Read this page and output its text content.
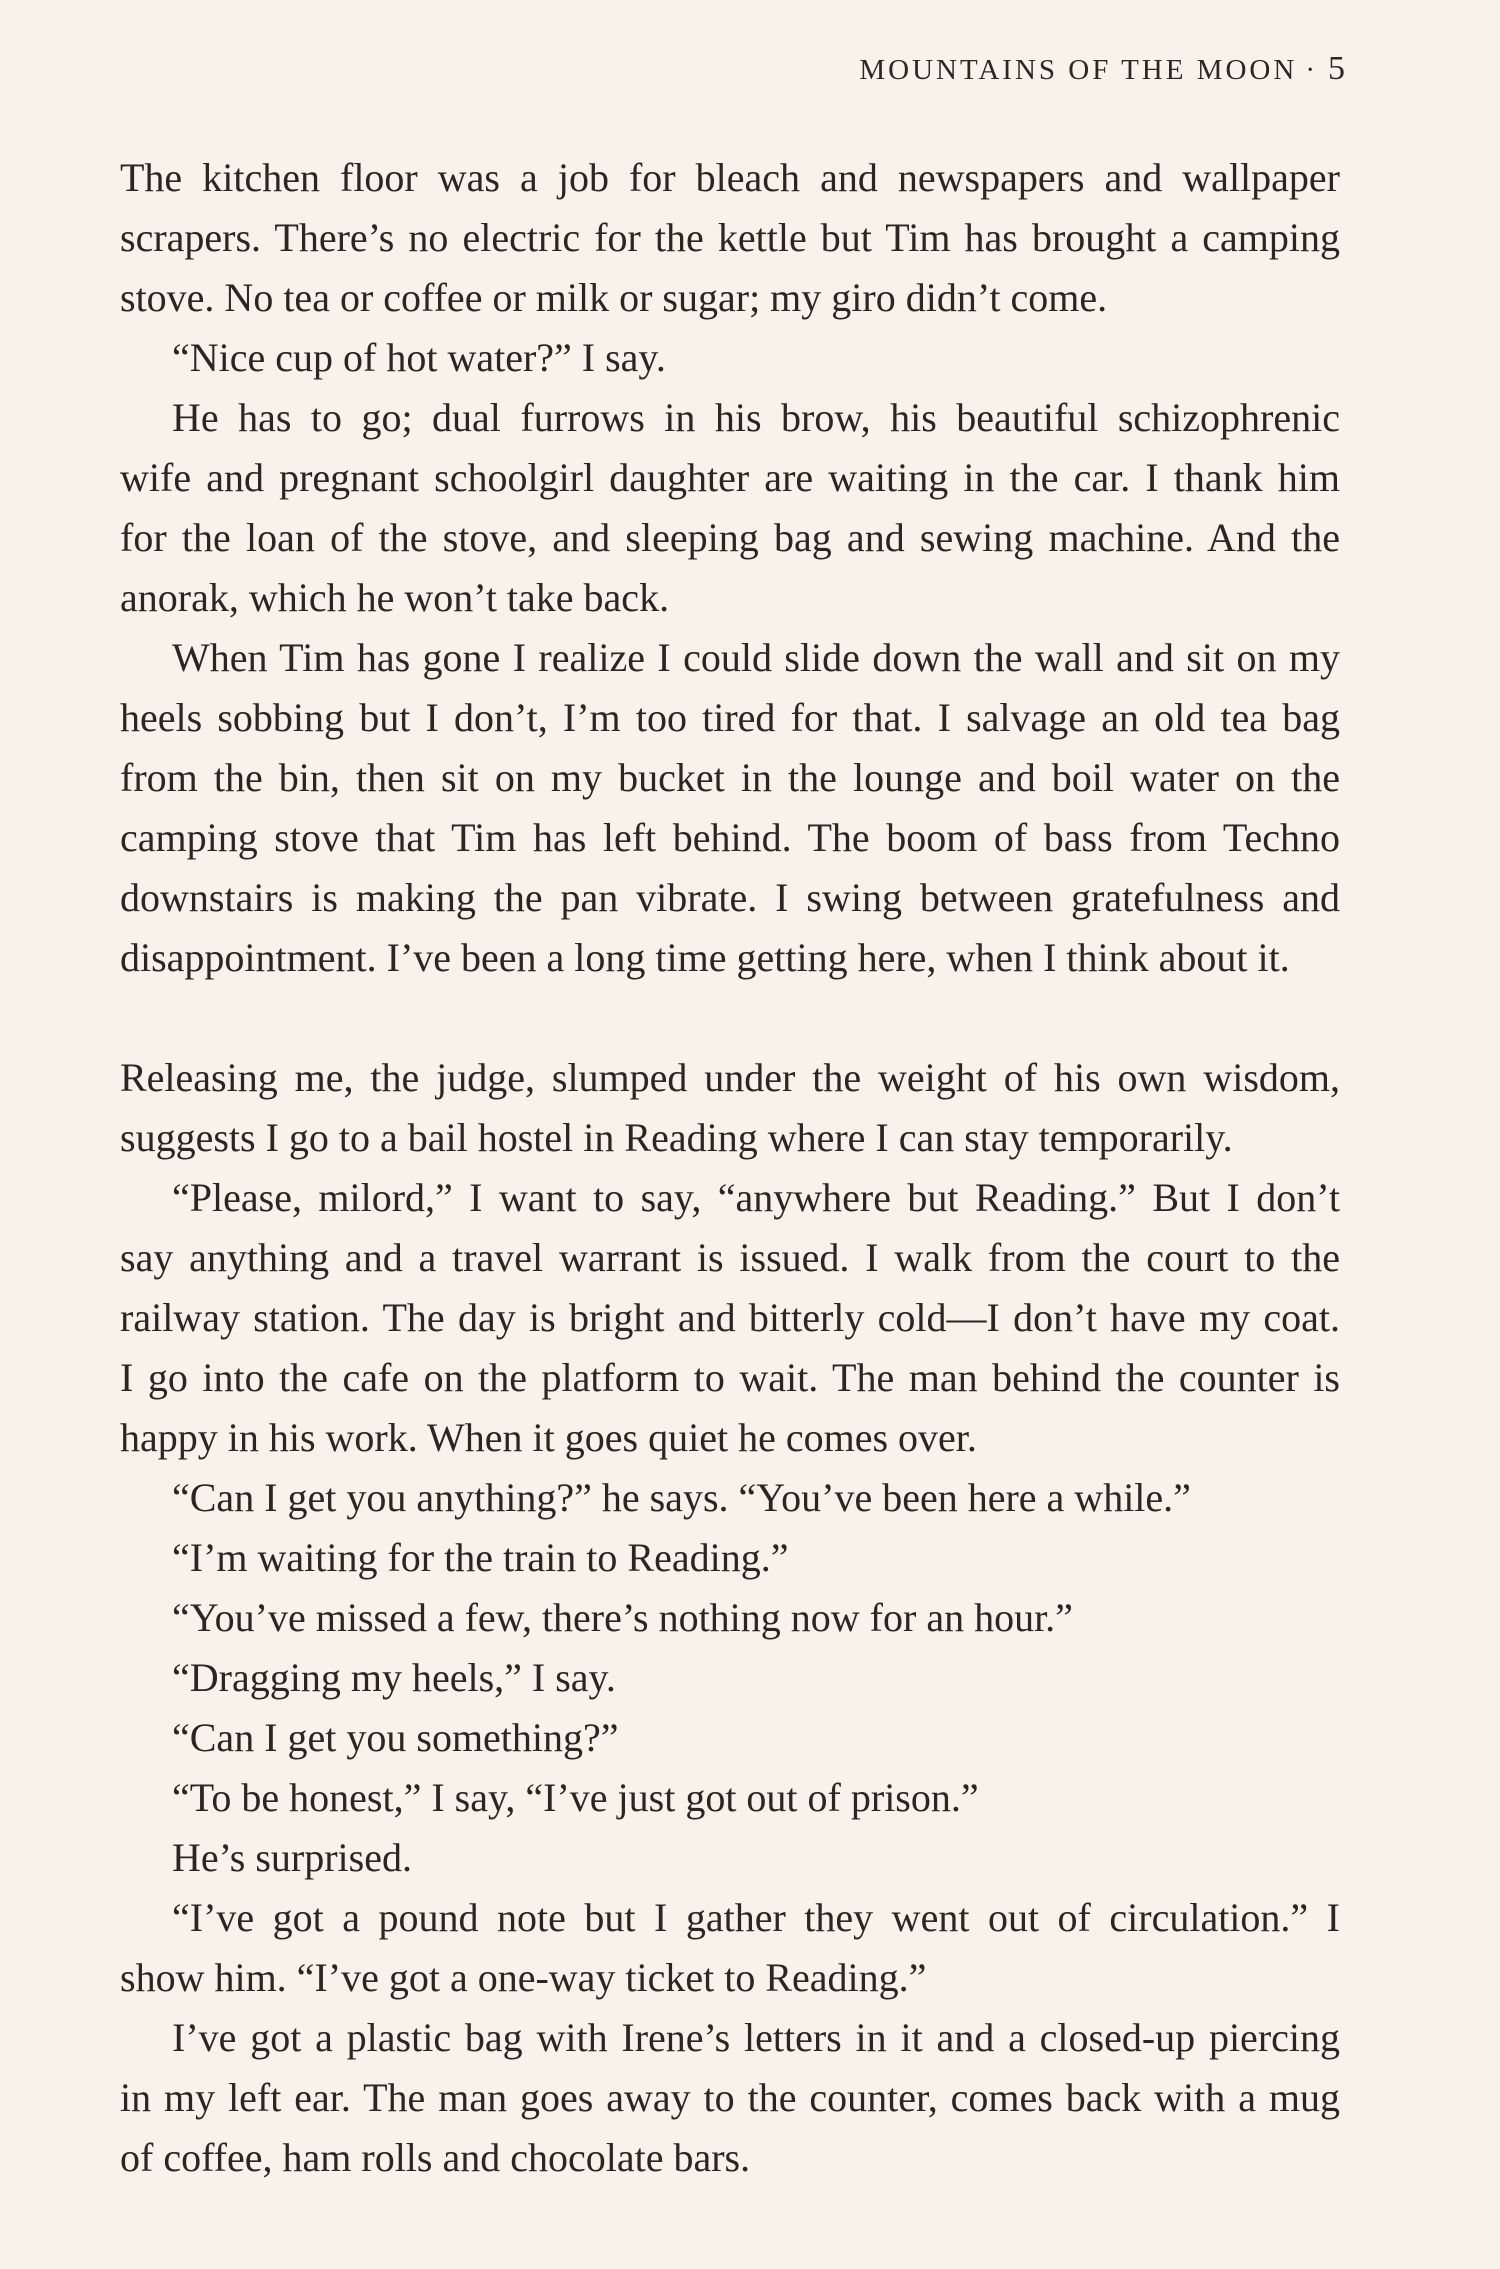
MOUNTAINS OF THE MOON · 5
The kitchen floor was a job for bleach and newspapers and wallpaper
scrapers. There’s no electric for the kettle but Tim has brought a camping
stove. No tea or coffee or milk or sugar; my giro didn’t come.
“Nice cup of hot water?” I say.
He has to go; dual furrows in his brow, his beautiful schizophrenic
wife and pregnant schoolgirl daughter are waiting in the car. I thank him
for the loan of the stove, and sleeping bag and sewing machine. And the
anorak, which he won’t take back.
When Tim has gone I realize I could slide down the wall and sit on my
heels sobbing but I don’t, I’m too tired for that. I salvage an old tea bag
from the bin, then sit on my bucket in the lounge and boil water on the
camping stove that Tim has left behind. The boom of bass from Techno
downstairs is making the pan vibrate. I swing between gratefulness and
disappointment. I’ve been a long time getting here, when I think about it.
Releasing me, the judge, slumped under the weight of his own wisdom,
suggests I go to a bail hostel in Reading where I can stay temporarily.
“Please, milord,” I want to say, “anywhere but Reading.” But I don’t
say anything and a travel warrant is issued. I walk from the court to the
railway station. The day is bright and bitterly cold—I don’t have my coat.
I go into the cafe on the platform to wait. The man behind the counter is
happy in his work. When it goes quiet he comes over.
“Can I get you anything?” he says. “You’ve been here a while.”
“I’m waiting for the train to Reading.”
“You’ve missed a few, there’s nothing now for an hour.”
“Dragging my heels,” I say.
“Can I get you something?”
“To be honest,” I say, “I’ve just got out of prison.”
He’s surprised.
“I’ve got a pound note but I gather they went out of circulation.” I
show him. “I’ve got a one-way ticket to Reading.”
I’ve got a plastic bag with Irene’s letters in it and a closed-up piercing
in my left ear. The man goes away to the counter, comes back with a mug
of coffee, ham rolls and chocolate bars.
